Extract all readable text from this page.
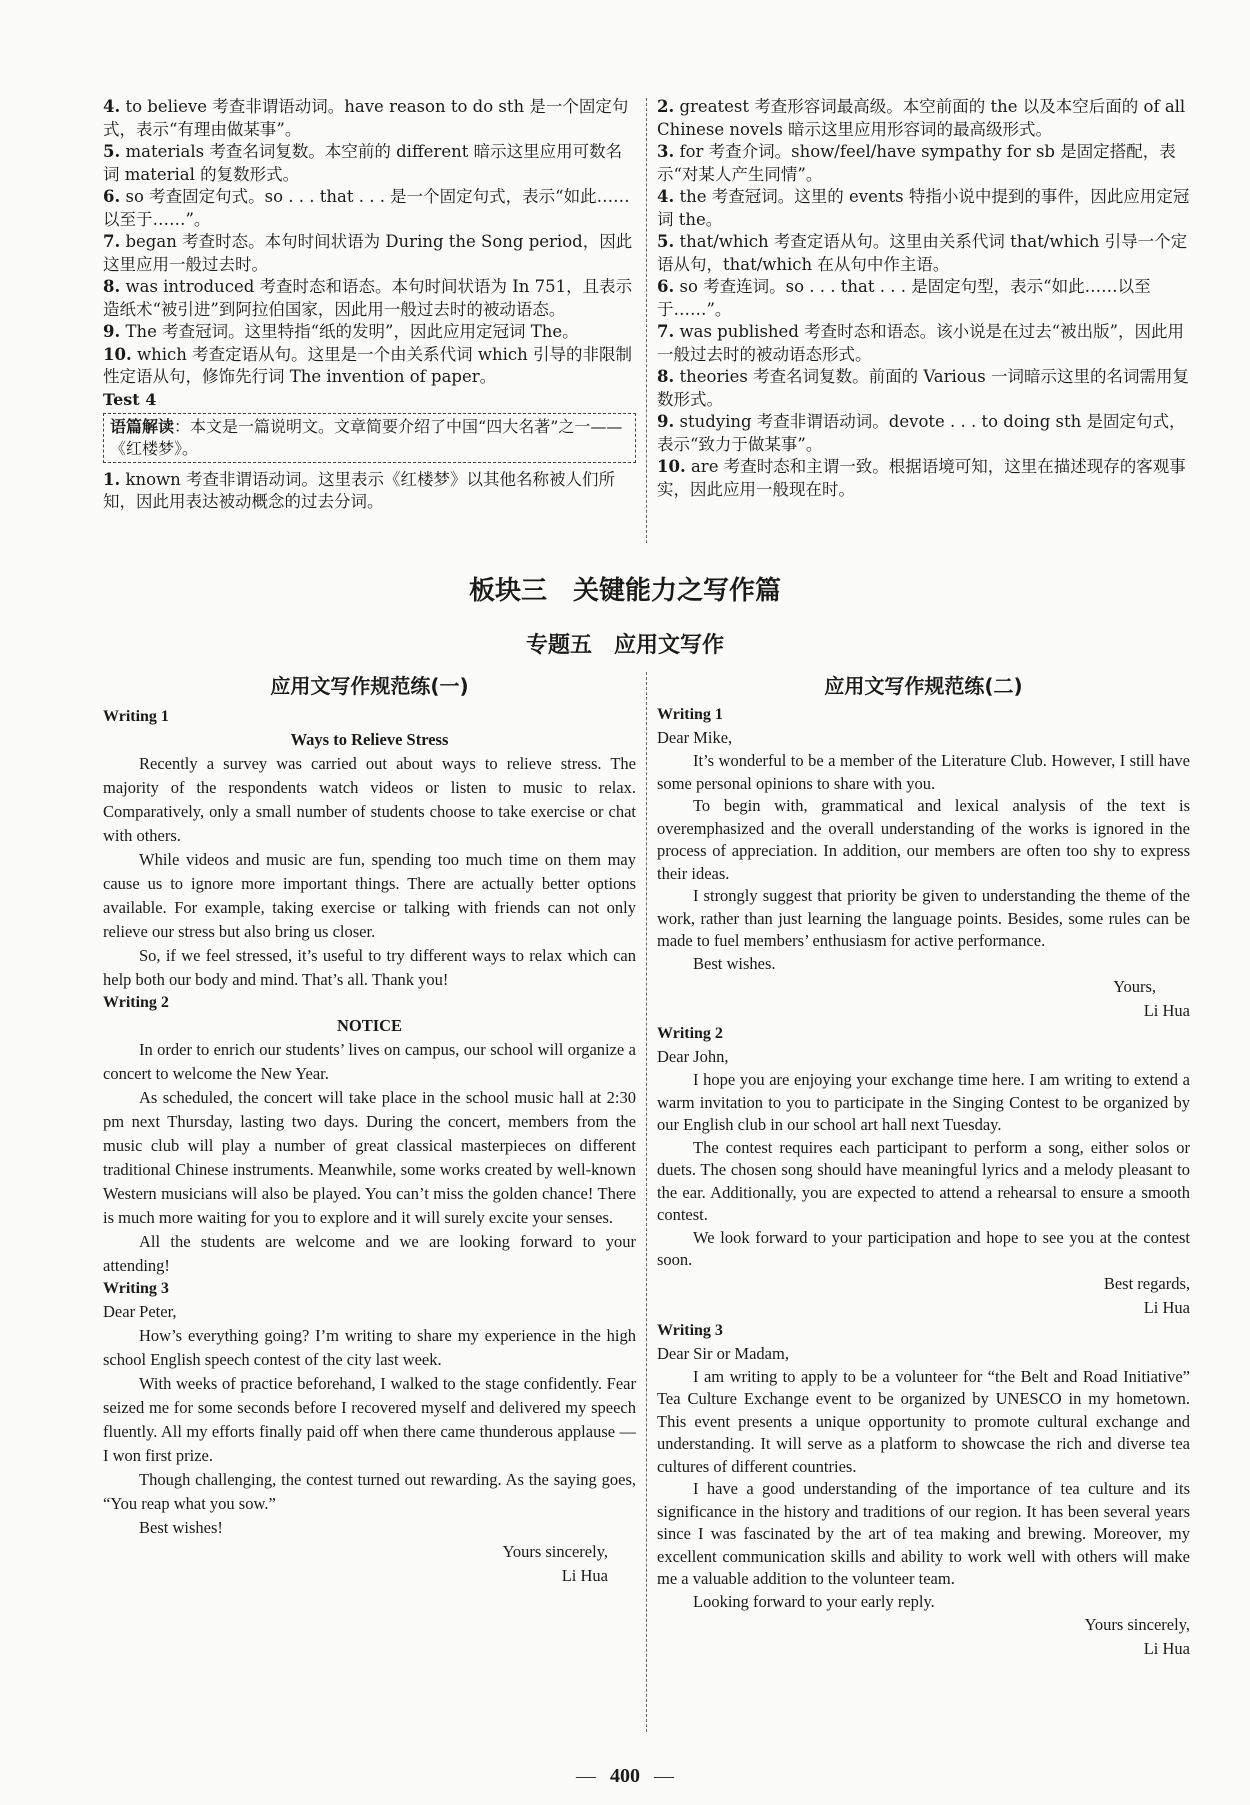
4. to believe 考查非谓语动词。have reason to do sth 是一个固定句式，表示“有理由做某事”。

5. materials 考查名词复数。本空前的 different 暗示这里应用可数名词 material 的复数形式。

6. so 考查固定句式。so . . . that . . . 是一个固定句式，表示“如此……以至于……”。

7. began 考查时态。本句时间状语为 During the Song period，因此这里应用一般过去时。

8. was introduced 考查时态和语态。本句时间状语为 In 751，且表示造纸术“被引进”到阿拉伯国家，因此用一般过去时的被动语态。

9. The 考查冠词。这里特指“纸的发明”，因此应用定冠词 The。

10. which 考查定语从句。这里是一个由关系代词 which 引导的非限制性定语从句，修饰先行词 The invention of paper。

Test 4
语篇解读：本文是一篇说明文。文章简要介绍了中国“四大名著”之一——《红楼梦》。

1. known 考查非谓语动词。这里表示《红楼梦》以其他名称被人们所知，因此用表达被动概念的过去分词。

2. greatest 考查形容词最高级。本空前面的 the 以及本空后面的 of all Chinese novels 暗示这里应用形容词的最高级形式。

3. for 考查介词。show/feel/have sympathy for sb 是固定搭配，表示“对某人产生同情”。

4. the 考查冠词。这里的 events 特指小说中提到的事件，因此应用定冠词 the。

5. that/which 考查定语从句。这里由关系代词 that/which 引导一个定语从句，that/which 在从句中作主语。

6. so 考查连词。so . . . that . . . 是固定句型，表示“如此……以至于……”。

7. was published 考查时态和语态。该小说是在过去“被出版”，因此用一般过去时的被动语态形式。

8. theories 考查名词复数。前面的 Various 一词暗示这里的名词需用复数形式。

9. studying 考查非谓语动词。devote . . . to doing sth 是固定句式，表示“致力于做某事”。

10. are 考查时态和主谓一致。根据语境可知，这里在描述现存的客观事实，因此应用一般现在时。

板块三　关键能力之写作篇
专题五　应用文写作
应用文写作规范练(一)	应用文写作规范练(二)
Writing 1
Ways to Relieve Stress

Recently a survey was carried out about ways to relieve stress. The majority of the respondents watch videos or listen to music to relax. Comparatively, only a small number of students choose to take exercise or chat with others.

While videos and music are fun, spending too much time on them may cause us to ignore more important things. There are actually better options available. For example, taking exercise or talking with friends can not only relieve our stress but also bring us closer.

So, if we feel stressed, it’s useful to try different ways to relax which can help both our body and mind. That’s all. Thank you!

Writing 2
NOTICE

In order to enrich our students’ lives on campus, our school will organize a concert to welcome the New Year.

As scheduled, the concert will take place in the school music hall at 2:30 pm next Thursday, lasting two days. During the concert, members from the music club will play a number of great classical masterpieces on different traditional Chinese instruments. Meanwhile, some works created by well-known Western musicians will also be played. You can’t miss the golden chance! There is much more waiting for you to explore and it will surely excite your senses.

All the students are welcome and we are looking forward to your attending!

Writing 3

Dear Peter,

How’s everything going? I’m writing to share my experience in the high school English speech contest of the city last week.

With weeks of practice beforehand, I walked to the stage confidently. Fear seized me for some seconds before I recovered myself and delivered my speech fluently. All my efforts finally paid off when there came thunderous applause — I won first prize.

Though challenging, the contest turned out rewarding. As the saying goes, “You reap what you sow.”

Best wishes!

Yours sincerely,
Li Hua
Writing 1

Dear Mike,

It’s wonderful to be a member of the Literature Club. However, I still have some personal opinions to share with you.

To begin with, grammatical and lexical analysis of the text is overemphasized and the overall understanding of the works is ignored in the process of appreciation. In addition, our members are often too shy to express their ideas.

I strongly suggest that priority be given to understanding the theme of the work, rather than just learning the language points. Besides, some rules can be made to fuel members’ enthusiasm for active performance.

Best wishes.

Yours,
Li Hua
Writing 2

Dear John,

I hope you are enjoying your exchange time here. I am writing to extend a warm invitation to you to participate in the Singing Contest to be organized by our English club in our school art hall next Tuesday.

The contest requires each participant to perform a song, either solos or duets. The chosen song should have meaningful lyrics and a melody pleasant to the ear. Additionally, you are expected to attend a rehearsal to ensure a smooth contest.

We look forward to your participation and hope to see you at the contest soon.

Best regards,
Li Hua
Writing 3

Dear Sir or Madam,

I am writing to apply to be a volunteer for “the Belt and Road Initiative” Tea Culture Exchange event to be organized by UNESCO in my hometown. This event presents a unique opportunity to promote cultural exchange and understanding. It will serve as a platform to showcase the rich and diverse tea cultures of different countries.

I have a good understanding of the importance of tea culture and its significance in the history and traditions of our region. It has been several years since I was fascinated by the art of tea making and brewing. Moreover, my excellent communication skills and ability to work well with others will make me a valuable addition to the volunteer team.

Looking forward to your early reply.

Yours sincerely,
Li Hua
— 400 —
